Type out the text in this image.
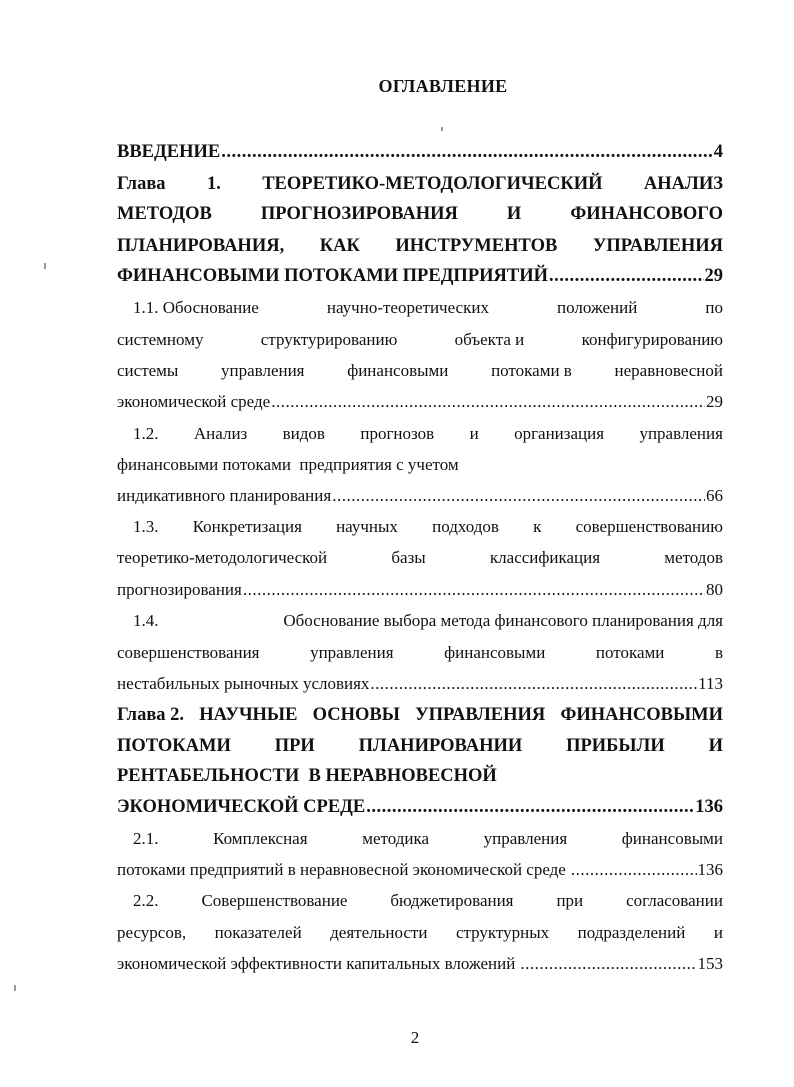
ОГЛАВЛЕНИЕ
ВВЕДЕНИЕ .....	4
Глава 1. ТЕОРЕТИКО-МЕТОДОЛОГИЧЕСКИЙ АНАЛИЗ
МЕТОДОВ	ПРОГНОЗИРОВАНИЯ	И	ФИНАНСОВОГО
ПЛАНИРОВАНИЯ, КАК ИНСТРУМЕНТОВ УПРАВЛЕНИЯ
ФИНАНСОВЫМИ ПОТОКАМИ ПРЕДПРИЯТИЙ .....	29
1.1. Обоснование	научно-теоретических	положений	по
системному	структурированию	объекта и	конфигурированию
системы	управления	финансовыми	потоками в	неравновесной
экономической среде .....	29
1.2. Анализ видов прогнозов и организация управления
финансовыми потоками  предприятия с учетом
индикативного планирования .....	66
1.3. Конкретизация научных подходов к совершенствованию
теоретико-методологической	базы	классификация	методов
прогнозирования .....	80
1.4.	Обоснование выбора метода финансового планирования для
совершенствования	управления	финансовыми	потоками	в
нестабильных рыночных условиях .....	113
Глава 2. НАУЧНЫЕ ОСНОВЫ УПРАВЛЕНИЯ ФИНАНСОВЫМИ
ПОТОКАМИ ПРИ ПЛАНИРОВАНИИ ПРИБЫЛИ И
РЕНТАБЕЛЬНОСТИ  В НЕРАВНОВЕСНОЙ
ЭКОНОМИЧЕСКОЙ СРЕДЕ .....	136
2.1.	Комплексная	методика	управления	финансовыми
потоками предприятий в неравновесной экономической среде .....	136
2.2.	Совершенствование	бюджетирования	при	согласовании
ресурсов, показателей деятельности структурных подразделений и
экономической эффективности капитальных вложений .....	153
2
